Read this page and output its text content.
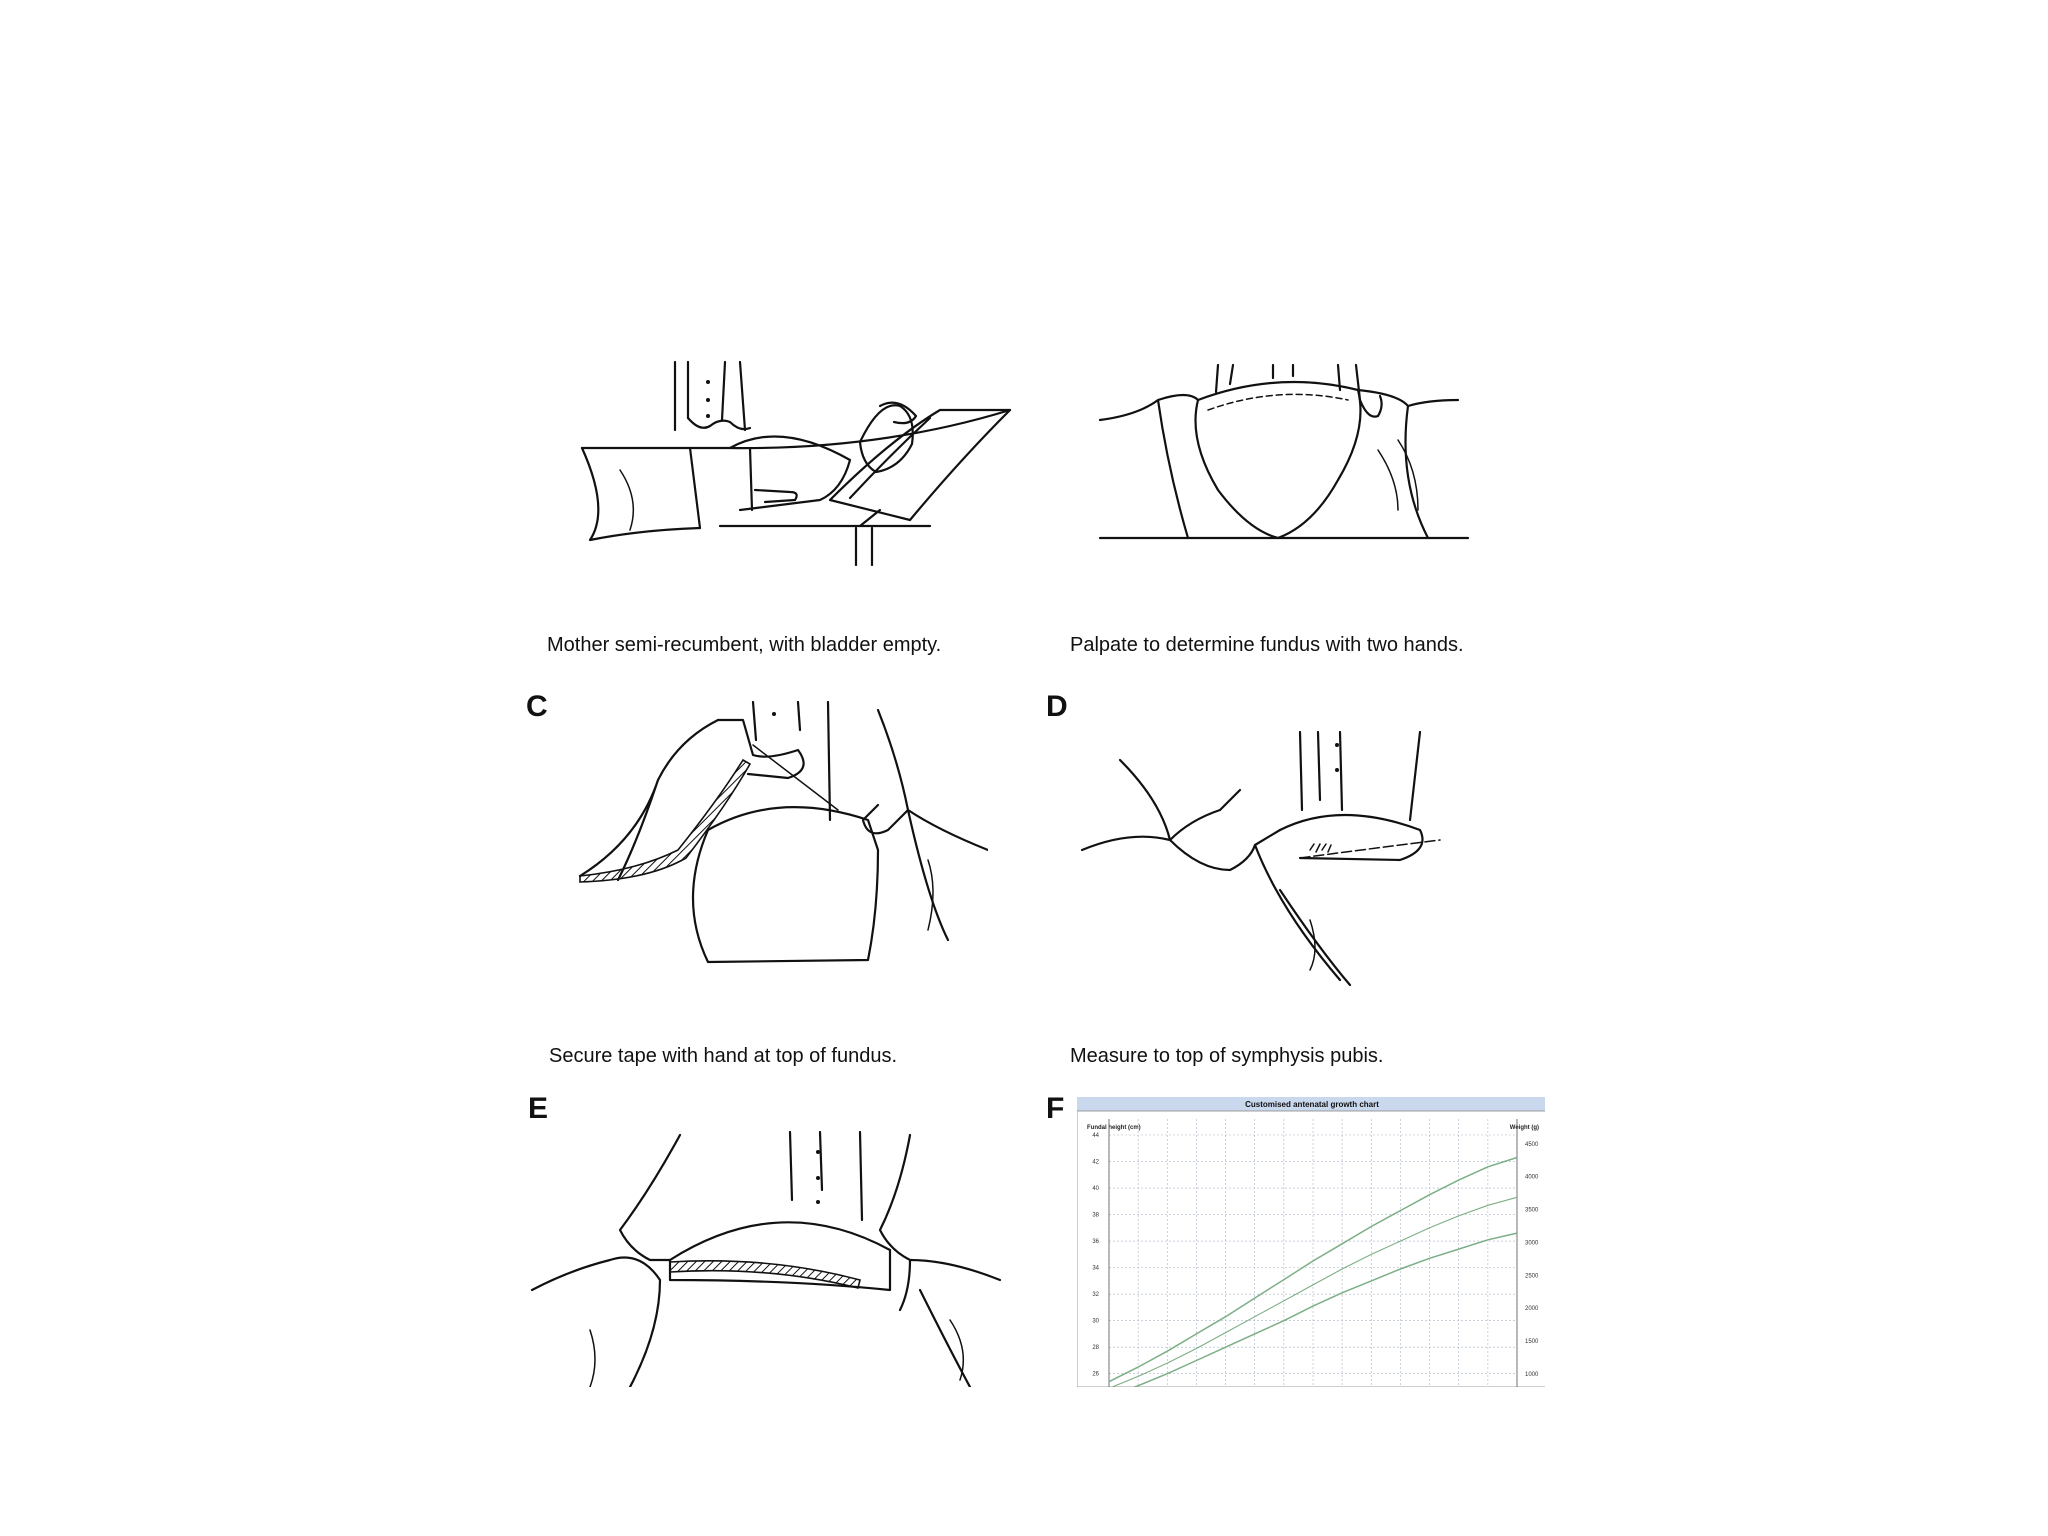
Mother semi-recumbent, with bladder empty.	Palpate to determine fundus with two hands.
C
Secure tape with hand at top of fundus.
D
Measure to top of symphysis pubis.
E	F	Customised antenatal growth chart
Fundal height (cm)	Weight (g)
26
28
30
32
34
36
38
40
42
44
1000
1500
2000
2500
3000
3500
4000
4500
